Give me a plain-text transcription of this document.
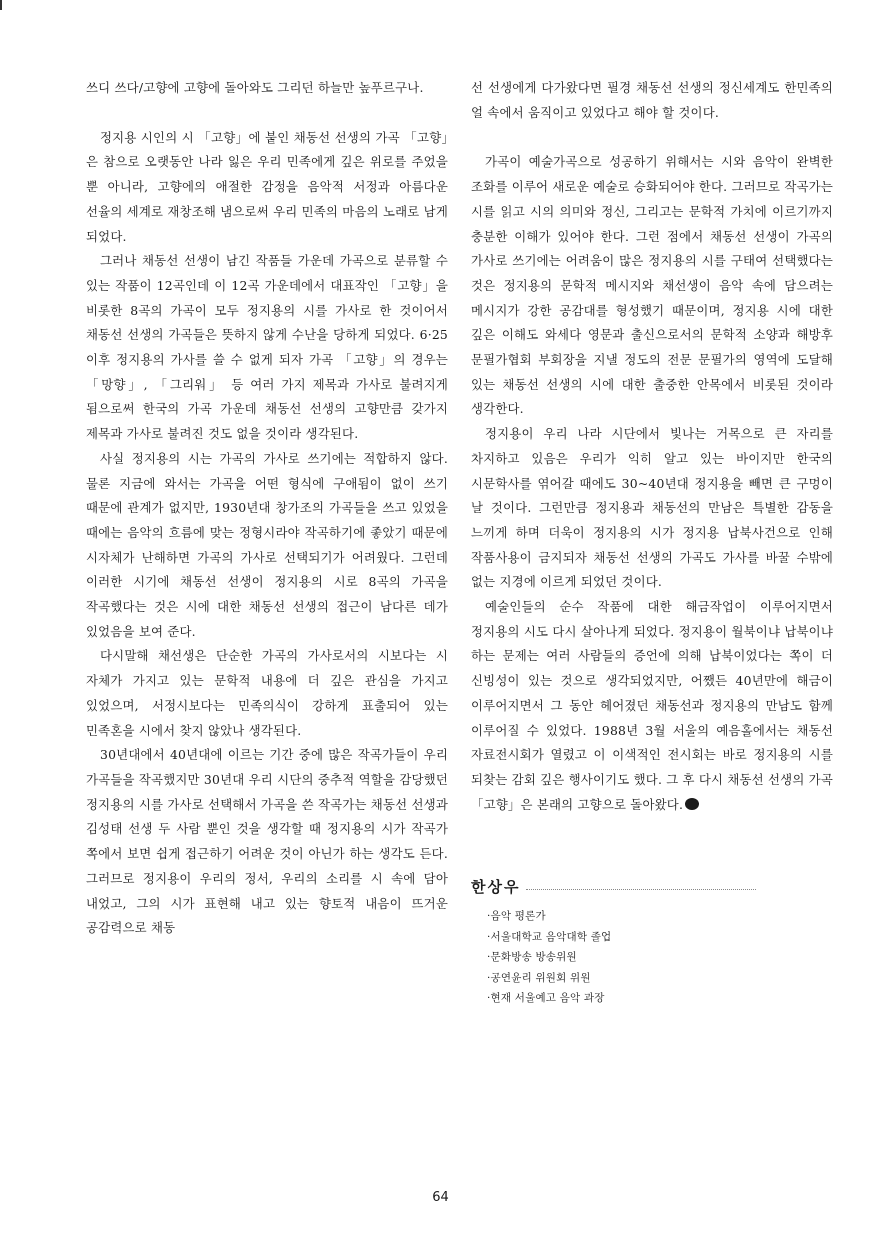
쓰디 쓰다/고향에 고향에 돌아와도 그리던 하늘만 높푸르구나.

정지용 시인의 시 「고향」에 붙인 채동선 선생의 가곡 「고향」은 참으로 오랫동안 나라 잃은 우리 민족에게 깊은 위로를 주었을 뿐 아니라, 고향에의 애절한 감정을 음악적 서정과 아름다운 선율의 세계로 재창조해 냄으로써 우리 민족의 마음의 노래로 남게 되었다.

그러나 채동선 선생이 남긴 작품들 가운데 가곡으로 분류할 수 있는 작품이 12곡인데 이 12곡 가운데에서 대표작인 「고향」을 비롯한 8곡의 가곡이 모두 정지용의 시를 가사로 한 것이어서 채동선 선생의 가곡들은 뜻하지 않게 수난을 당하게 되었다. 6·25 이후 정지용의 가사를 쓸 수 없게 되자 가곡 「고향」의 경우는 「망향」, 「그리워」 등 여러 가지 제목과 가사로 불려지게 됨으로써 한국의 가곡 가운데 채동선 선생의 고향만큼 갖가지 제목과 가사로 불려진 것도 없을 것이라 생각된다.

사실 정지용의 시는 가곡의 가사로 쓰기에는 적합하지 않다. 물론 지금에 와서는 가곡을 어떤 형식에 구애됨이 없이 쓰기 때문에 관계가 없지만, 1930년대 창가조의 가곡들을 쓰고 있었을 때에는 음악의 흐름에 맞는 정형시라야 작곡하기에 좋았기 때문에 시자체가 난해하면 가곡의 가사로 선택되기가 어려웠다. 그런데 이러한 시기에 채동선 선생이 정지용의 시로 8곡의 가곡을 작곡했다는 것은 시에 대한 채동선 선생의 접근이 남다른 데가 있었음을 보여 준다.

다시말해 채선생은 단순한 가곡의 가사로서의 시보다는 시 자체가 가지고 있는 문학적 내용에 더 깊은 관심을 가지고 있었으며, 서정시보다는 민족의식이 강하게 표출되어 있는 민족혼을 시에서 찾지 않았나 생각된다.

30년대에서 40년대에 이르는 기간 중에 많은 작곡가들이 우리 가곡들을 작곡했지만 30년대 우리 시단의 중추적 역할을 감당했던 정지용의 시를 가사로 선택해서 가곡을 쓴 작곡가는 채동선 선생과 김성태 선생 두 사람 뿐인 것을 생각할 때 정지용의 시가 작곡가 쪽에서 보면 쉽게 접근하기 어려운 것이 아닌가 하는 생각도 든다. 그러므로 정지용이 우리의 정서, 우리의 소리를 시 속에 담아 내었고, 그의 시가 표현해 내고 있는 향토적 내음이 뜨거운 공감력으로 채동

선 선생에게 다가왔다면 필경 채동선 선생의 정신세계도 한민족의 얼 속에서 움직이고 있었다고 해야 할 것이다.

가곡이 예술가곡으로 성공하기 위해서는 시와 음악이 완벽한 조화를 이루어 새로운 예술로 승화되어야 한다. 그러므로 작곡가는 시를 읽고 시의 의미와 정신, 그리고는 문학적 가치에 이르기까지 충분한 이해가 있어야 한다. 그런 점에서 채동선 선생이 가곡의 가사로 쓰기에는 어려움이 많은 정지용의 시를 구태여 선택했다는 것은 정지용의 문학적 메시지와 채선생이 음악 속에 담으려는 메시지가 강한 공감대를 형성했기 때문이며, 정지용 시에 대한 깊은 이해도 와세다 영문과 출신으로서의 문학적 소양과 해방후 문필가협회 부회장을 지낼 정도의 전문 문필가의 영역에 도달해 있는 채동선 선생의 시에 대한 출중한 안목에서 비롯된 것이라 생각한다.

정지용이 우리 나라 시단에서 빛나는 거목으로 큰 자리를 차지하고 있음은 우리가 익히 알고 있는 바이지만 한국의 시문학사를 엮어갈 때에도 30~40년대 정지용을 빼면 큰 구멍이 날 것이다. 그런만큼 정지용과 채동선의 만남은 특별한 감동을 느끼게 하며 더욱이 정지용의 시가 정지용 납북사건으로 인해 작품사용이 금지되자 채동선 선생의 가곡도 가사를 바꿀 수밖에 없는 지경에 이르게 되었던 것이다.

예술인들의 순수 작품에 대한 해금작업이 이루어지면서 정지용의 시도 다시 살아나게 되었다. 정지용이 월북이냐 납북이냐 하는 문제는 여러 사람들의 증언에 의해 납북이었다는 쪽이 더 신빙성이 있는 것으로 생각되었지만, 어쨌든 40년만에 해금이 이루어지면서 그 동안 헤어졌던 채동선과 정지용의 만남도 함께 이루어질 수 있었다. 1988년 3월 서울의 예음홀에서는 채동선 자료전시회가 열렸고 이 이색적인 전시회는 바로 정지용의 시를 되찾는 감회 깊은 행사이기도 했다. 그 후 다시 채동선 선생의 가곡 「고향」은 본래의 고향으로 돌아왔다.

한상우
·음악 평론가
·서울대학교 음악대학 졸업
·문화방송 방송위원
·공연윤리 위원회 위원
·현재 서울예고 음악 과장
64
